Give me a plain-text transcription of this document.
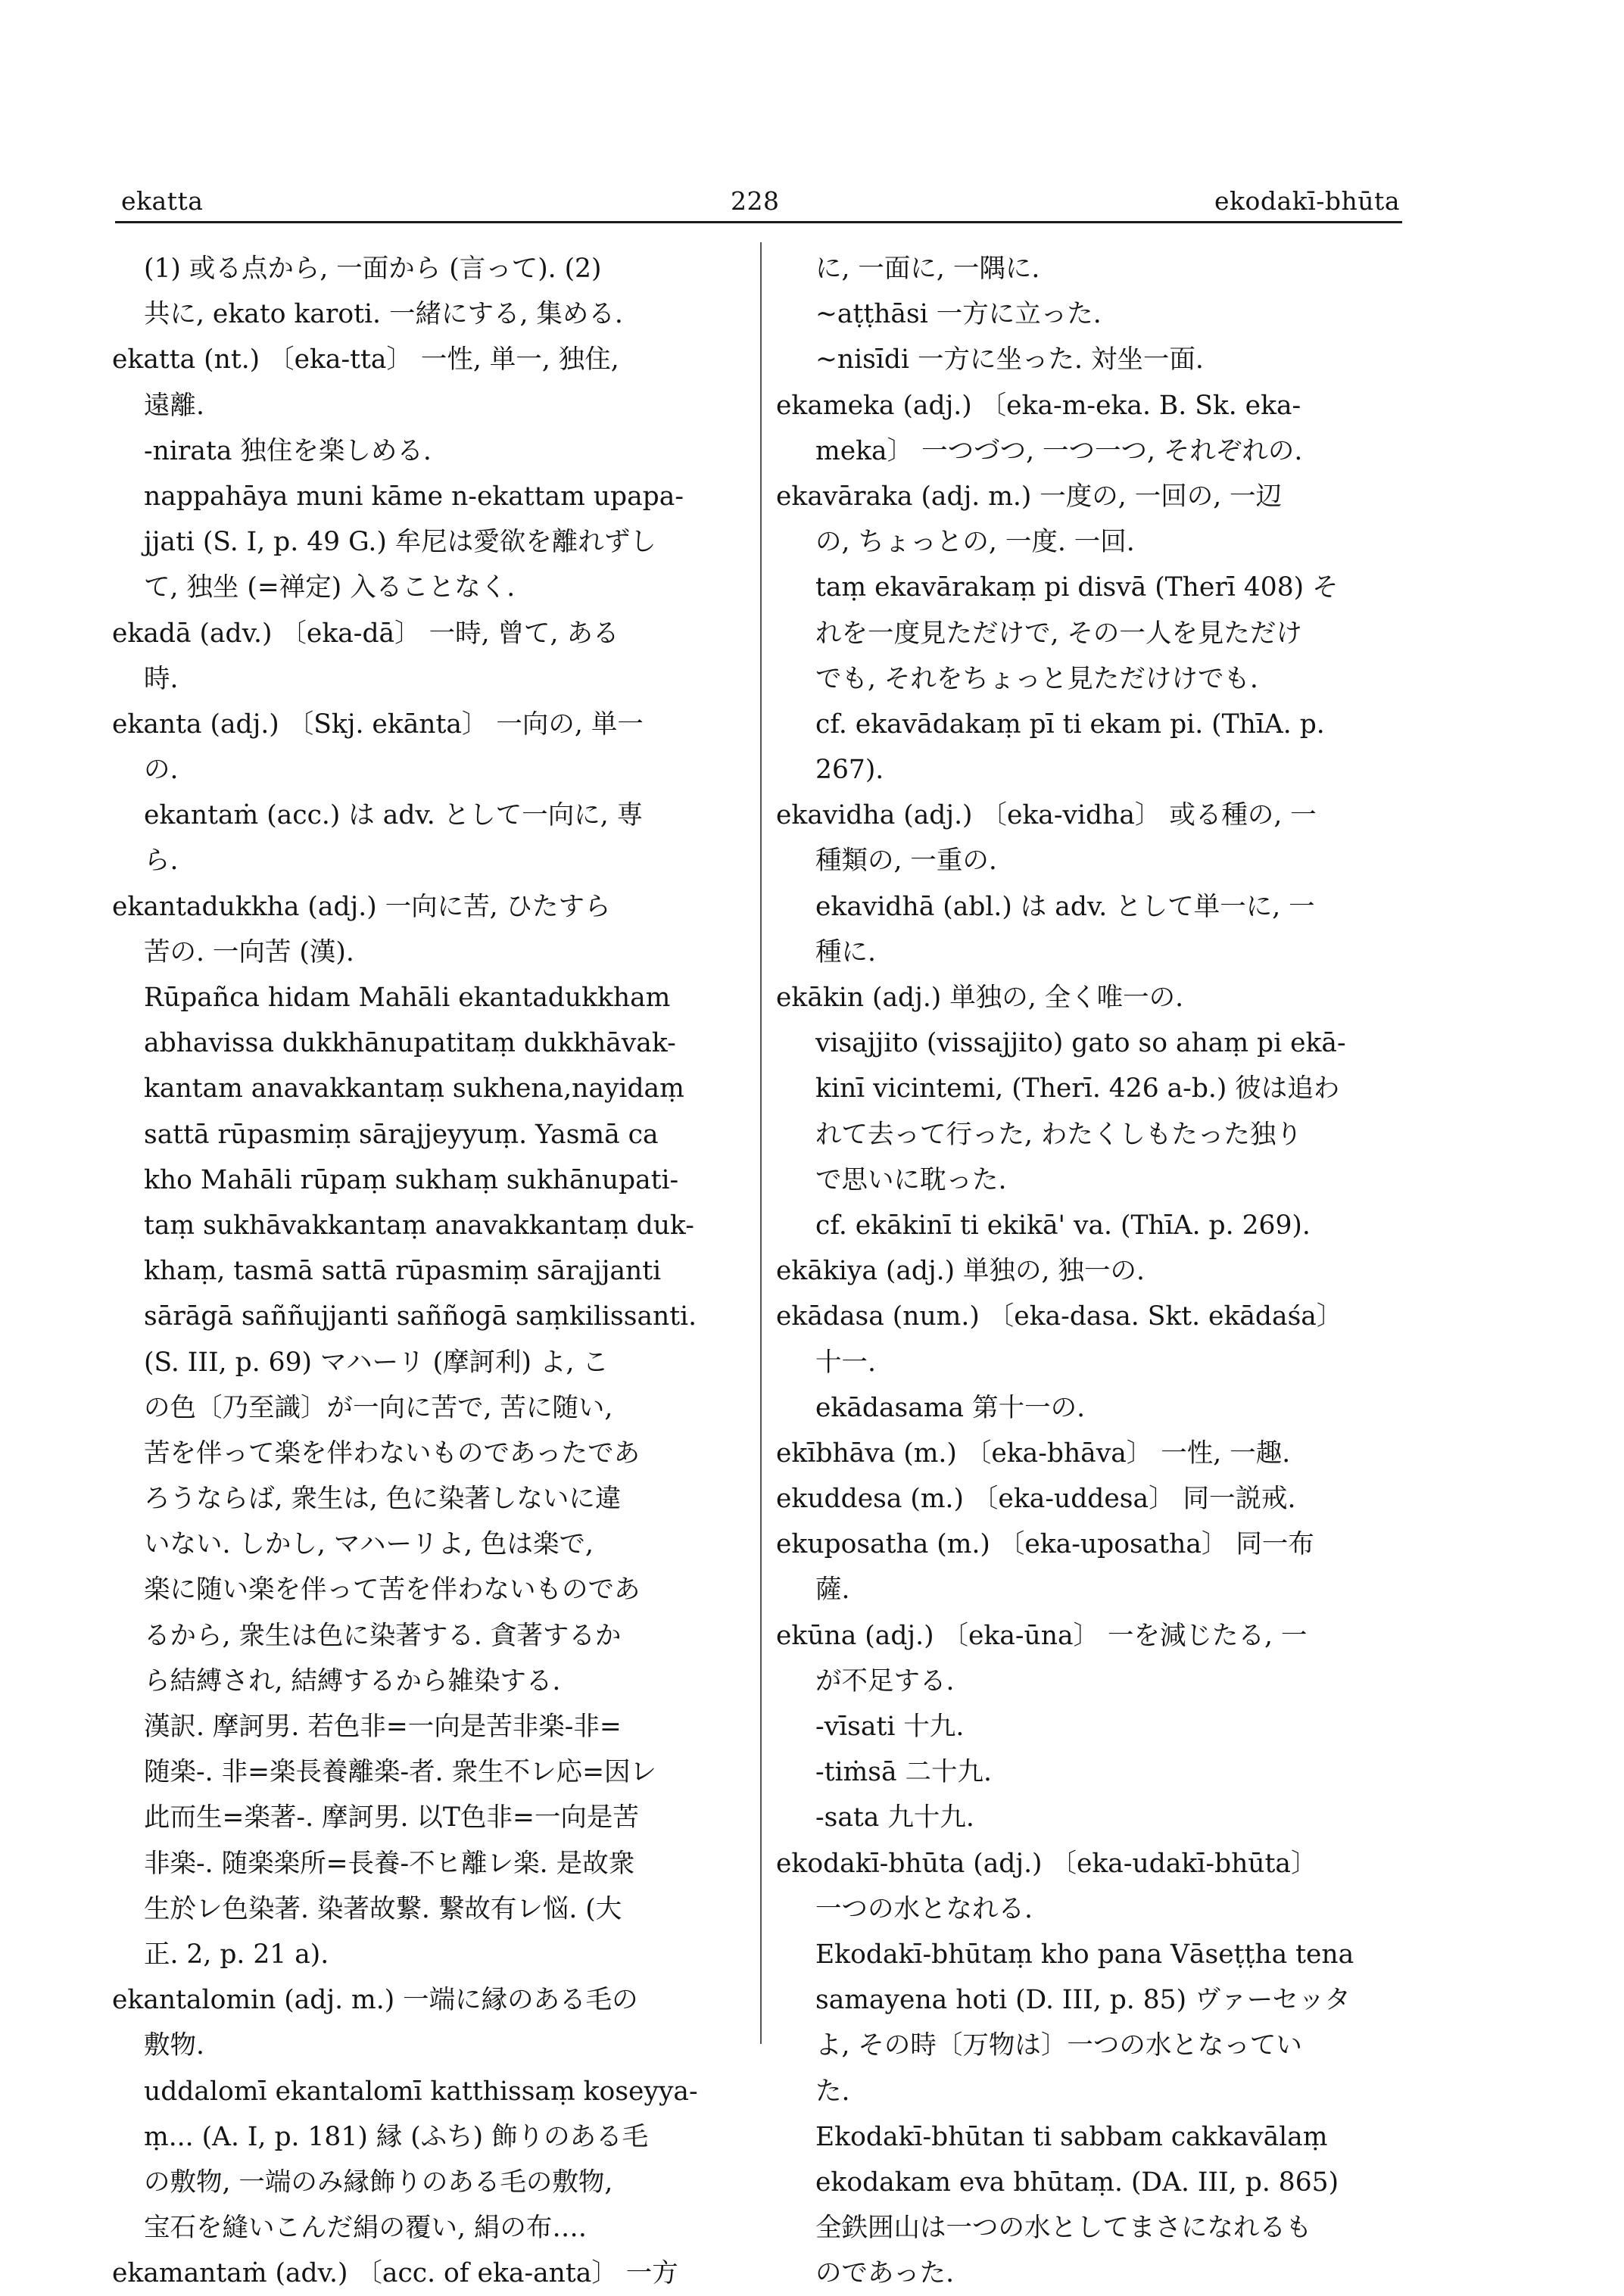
ekatta	228	ekodakī-bhūta
(1) 或る点から, 一面から (言って). (2)
共に, ekato karoti. 一緒にする, 集める.
ekatta (nt.) 〔eka-tta〕 一性, 単一, 独住,
遠離.
-nirata 独住を楽しめる.
nappahāya muni kāme n-ekattam upapa-
jjati (S. I, p. 49 G.) 牟尼は愛欲を離れずし
て, 独坐 (=禅定) 入ることなく.
ekadā (adv.) 〔eka-dā〕 一時, 曾て, ある
時.
ekanta (adj.) 〔Skj. ekānta〕 一向の, 単一
の.
ekantaṁ (acc.) は adv. として一向に, 専
ら.
ekantadukkha (adj.) 一向に苦, ひたすら
苦の. 一向苦 (漢).
Rūpañca hidam Mahāli ekantadukkham
abhavissa dukkhānupatitaṃ dukkhāvak-
kantam anavakkantaṃ sukhena,nayidaṃ
sattā rūpasmiṃ sārajjeyyuṃ. Yasmā ca
kho Mahāli rūpaṃ sukhaṃ sukhānupati-
taṃ sukhāvakkantaṃ anavakkantaṃ duk-
khaṃ, tasmā sattā rūpasmiṃ sārajjanti
sārāgā saññujjanti saññogā saṃkilissanti.
(S. III, p. 69) マハーリ (摩訶利) よ, こ
の色〔乃至識〕が一向に苦で, 苦に随い,
苦を伴って楽を伴わないものであったであ
ろうならば, 衆生は, 色に染著しないに違
いない. しかし, マハーリよ, 色は楽で,
楽に随い楽を伴って苦を伴わないものであ
るから, 衆生は色に染著する. 貪著するか
ら結縛され, 結縛するから雑染する.
漢訳. 摩訶男. 若色非=一向是苦非楽-非=
随楽-. 非=楽長養離楽-者. 衆生不レ応=因レ
此而生=楽著-. 摩訶男. 以T色非=一向是苦
非楽-. 随楽楽所=長養-不ヒ離レ楽. 是故衆
生於レ色染著. 染著故繋. 繋故有レ悩. (大
正. 2, p. 21 a).
ekantalomin (adj. m.) 一端に縁のある毛の
敷物.
uddalomī ekantalomī katthissaṃ koseyya-
ṃ... (A. I, p. 181) 縁 (ふち) 飾りのある毛
の敷物, 一端のみ縁飾りのある毛の敷物,
宝石を縫いこんだ絹の覆い, 絹の布….
ekamantaṁ (adv.) 〔acc. of eka-anta〕 一方
に, 一面に, 一隅に.
~aṭṭhāsi 一方に立った.
~nisīdi 一方に坐った. 対坐一面.
ekameka (adj.) 〔eka-m-eka. B. Sk. eka-
meka〕 一つづつ, 一つ一つ, それぞれの.
ekavāraka (adj. m.) 一度の, 一回の, 一辺
の, ちょっとの, 一度. 一回.
taṃ ekavārakaṃ pi disvā (Therī 408) そ
れを一度見ただけで, その一人を見ただけ
でも, それをちょっと見ただけけでも.
cf. ekavādakaṃ pī ti ekam pi. (ThīA. p.
267).
ekavidha (adj.) 〔eka-vidha〕 或る種の, 一
種類の, 一重の.
ekavidhā (abl.) は adv. として単一に, 一
種に.
ekākin (adj.) 単独の, 全く唯一の.
visajjito (vissajjito) gato so ahaṃ pi ekā-
kinī vicintemi, (Therī. 426 a-b.) 彼は追わ
れて去って行った, わたくしもたった独り
で思いに耽った.
cf. ekākinī ti ekikā' va. (ThīA. p. 269).
ekākiya (adj.) 単独の, 独一の.
ekādasa (num.) 〔eka-dasa. Skt. ekādaśa〕
十一.
ekādasama 第十一の.
ekībhāva (m.) 〔eka-bhāva〕 一性, 一趣.
ekuddesa (m.) 〔eka-uddesa〕 同一説戒.
ekuposatha (m.) 〔eka-uposatha〕 同一布
薩.
ekūna (adj.) 〔eka-ūna〕 一を減じたる, 一
が不足する.
-vīsati 十九.
-tiṁsā 二十九.
-sata 九十九.
ekodakī-bhūta (adj.) 〔eka-udakī-bhūta〕
一つの水となれる.
Ekodakī-bhūtaṃ kho pana Vāseṭṭha tena
samayena hoti (D. III, p. 85) ヴァーセッタ
よ, その時〔万物は〕一つの水となってい
た.
Ekodakī-bhūtan ti sabbam cakkavālaṃ
ekodakam eva bhūtaṃ. (DA. III, p. 865)
全鉄囲山は一つの水としてまさになれるも
のであった.
